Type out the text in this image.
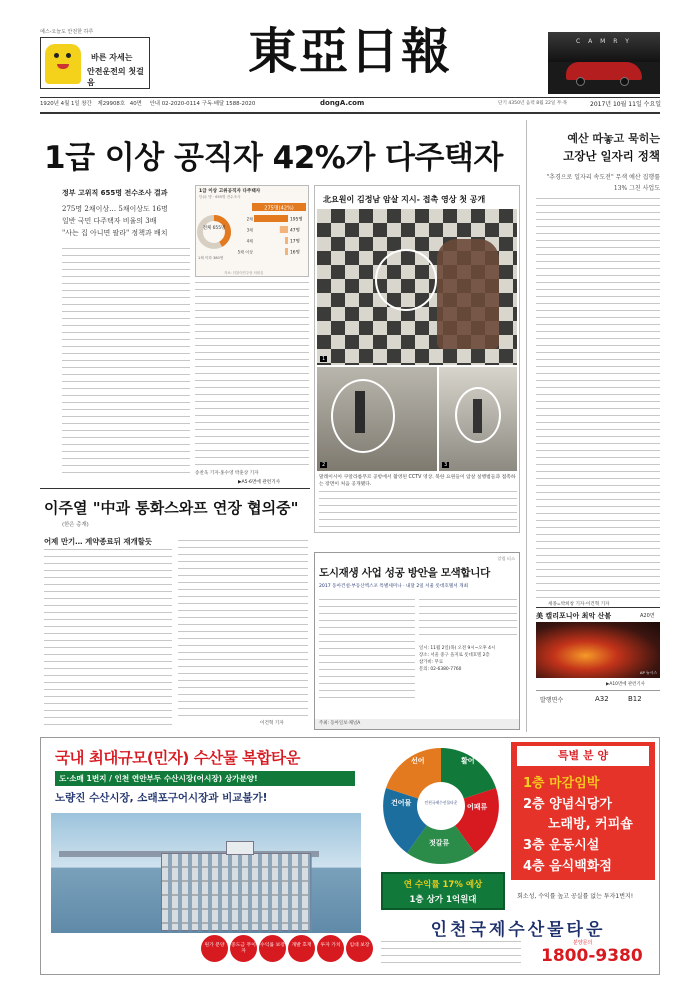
예스-오늘도 안전한 하루
바른 자세는
안전운전의 첫걸음
東亞日報	C A M R Y
1920년 4월 1일 창간 제29908호 40면 안내 02-2020-0114 구독·배달 1588-2020	dongA.com	단기 4350년 음력 8월 22일 무·목	2017년 10월 11일 수요일
1급 이상 공직자 42%가 다주택자
정부 고위직 655명 전수조사 결과
275명 2채이상… 5채이상도 16명
일반 국민 다주택자 비율의 3배
"사는 집 아니면 팔라" 정책과 배치
1급 이상 고위공직자 다주택자
단위: 명 · 655명 전수조사
275명(42%)
2채	195명
3채	47명
4채	17명
5채 이상	16명
전체 655명
1채 이하 380명
자료: 더불어민주당 의원실
송찬욱 기자·홍수영 박훈상 기자
▶A5·6면에 관련기사
北요원이 김정남 암살 지시- 접촉 영상 첫 공개
1
2	3
말레이시아 쿠알라룸푸르 공항에서 촬영된 CCTV 영상. 북한 요원들이 암살 실행범들과 접촉하는 장면이 처음 공개됐다.
이주열 "中과 통화스와프 연장 협의중"
(한은 총재)
어제 만기… 계약종료뒤 재개할듯
이건혁 기자
알림 티스
도시재생 사업 성공 방안을 모색합니다
2017 동아건설·부동산엑스포 특별세미나 · 내달 2일 서울 롯데호텔서 개최
일시: 11월 2일(목) 오전 9시~오후 4시
장소: 서울 중구 을지로 롯데호텔 2층
참가비: 무료
문의: 02-6380-7760
주최: 동아일보·채널A
예산 따놓고 묵히는
고장난 일자리 정책
"추경으로 일자리 속도전" 무색 예산 집행률 13% 그친 사업도
세종=박희창 기자·이건혁 기자
美 캘리포니아 최악 산불	A20면
AP 뉴시스
▶A10면에 관련기사
발행면수	A32	B12
국내 최대규모(민자) 수산물 복합타운
도·소매 1번지 / 인천 연안부두 수산시장(어시장) 상가분양!
노량진 수산시장, 소래포구어시장과 비교불가!
원가 분양	중도금 무이자
수익률 보장	개발 호재	투자 가치	임대 보장
선어	활어
건어물	어패류
젓갈류
인천국제수산물타운
연 수익률 17% 예상
1층 상가 1억원대
특별 분 양
1층 마감임박
2층 양념식당가
노래방, 커피숍
3층 운동시설
4층 음식백화점
회소성, 수익률 높고 공실률 없는 투자1번지!
인천국제수산물타운
분양문의
1800-9380
